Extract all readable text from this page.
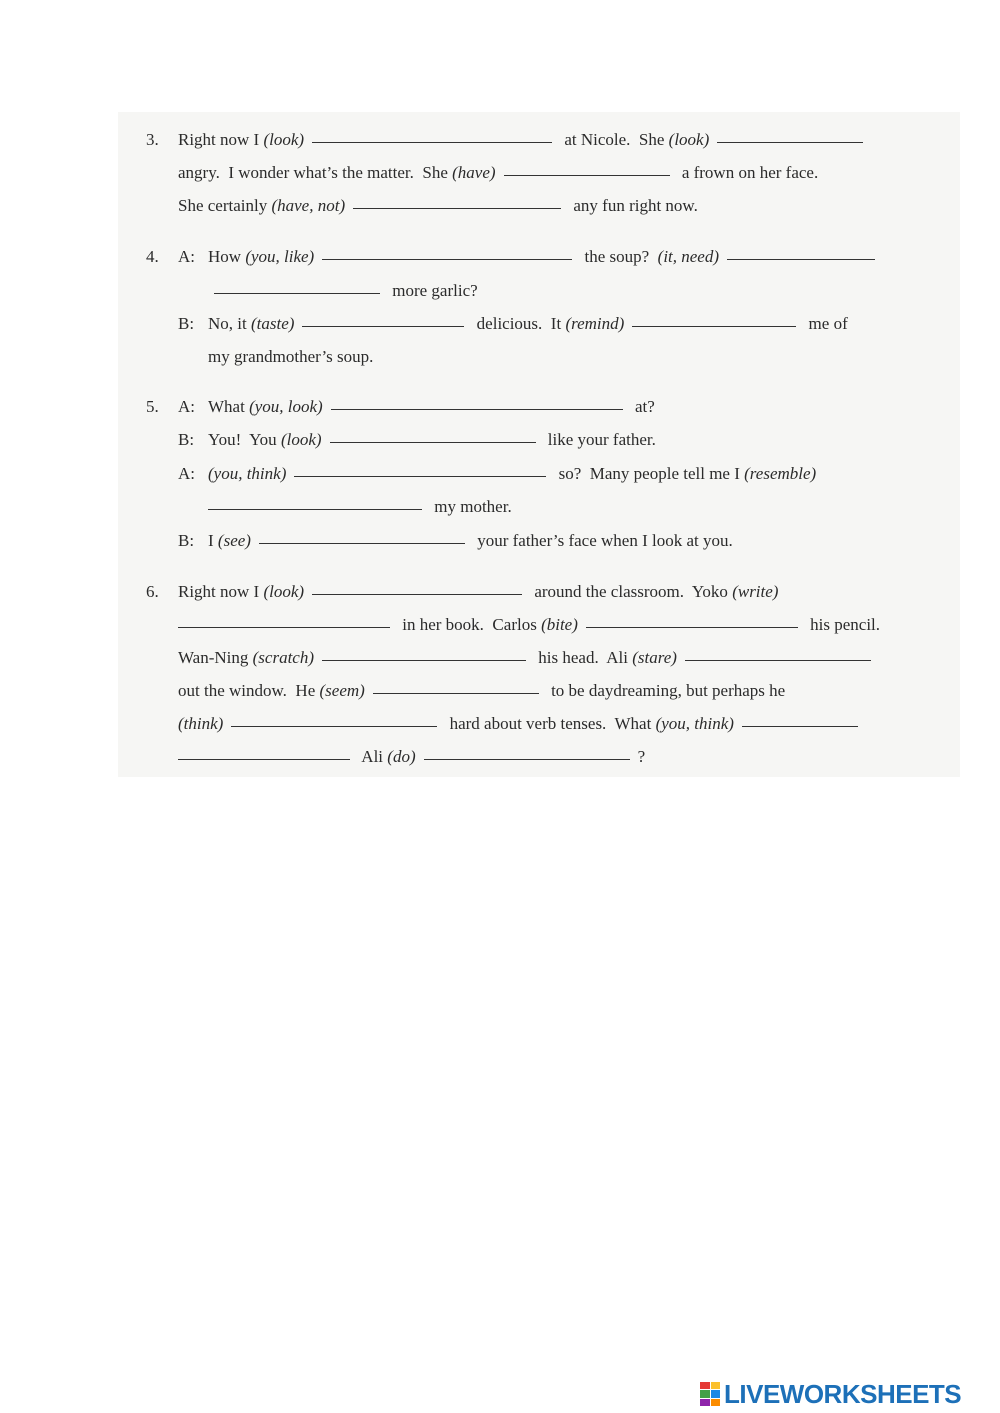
3.	Right now I (look)	at Nicole.  She (look)
angry.  I wonder what’s the matter.  She (have)	a frown on her face.
She certainly (have, not)	any fun right now.
4.	A: How (you, like)	the soup? (it, need)
more garlic?
B: No, it (taste)	delicious.  It (remind)	me of
my grandmother’s soup.
5.	A: What (you, look)	at?
B: You!  You (look)	like your father.
A: (you, think)	so?  Many people tell me I (resemble)
my mother.
B: I (see)	your father’s face when I look at you.
6.	Right now I (look)	around the classroom.  Yoko (write)
in her book.  Carlos (bite)	his pencil.
Wan-Ning (scratch)	his head.  Ali (stare)
out the window.  He (seem)	to be daydreaming, but perhaps he
(think)	hard about verb tenses.  What (you, think)
Ali (do)	?
LIVEWORKSHEETS
